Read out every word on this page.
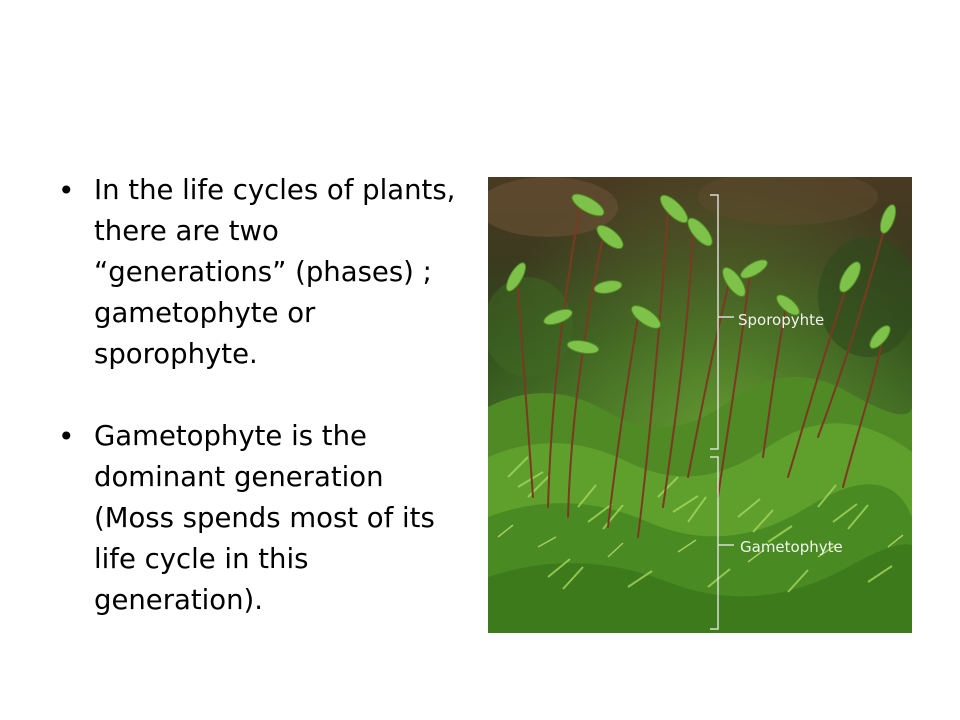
• In the life cycles of plants, there are two “generations” (phases) ; gametophyte or sporophyte.
• Gametophyte is the dominant generation (Moss spends most of its life cycle in this generation).
Sporopyhte
Gametophyte
